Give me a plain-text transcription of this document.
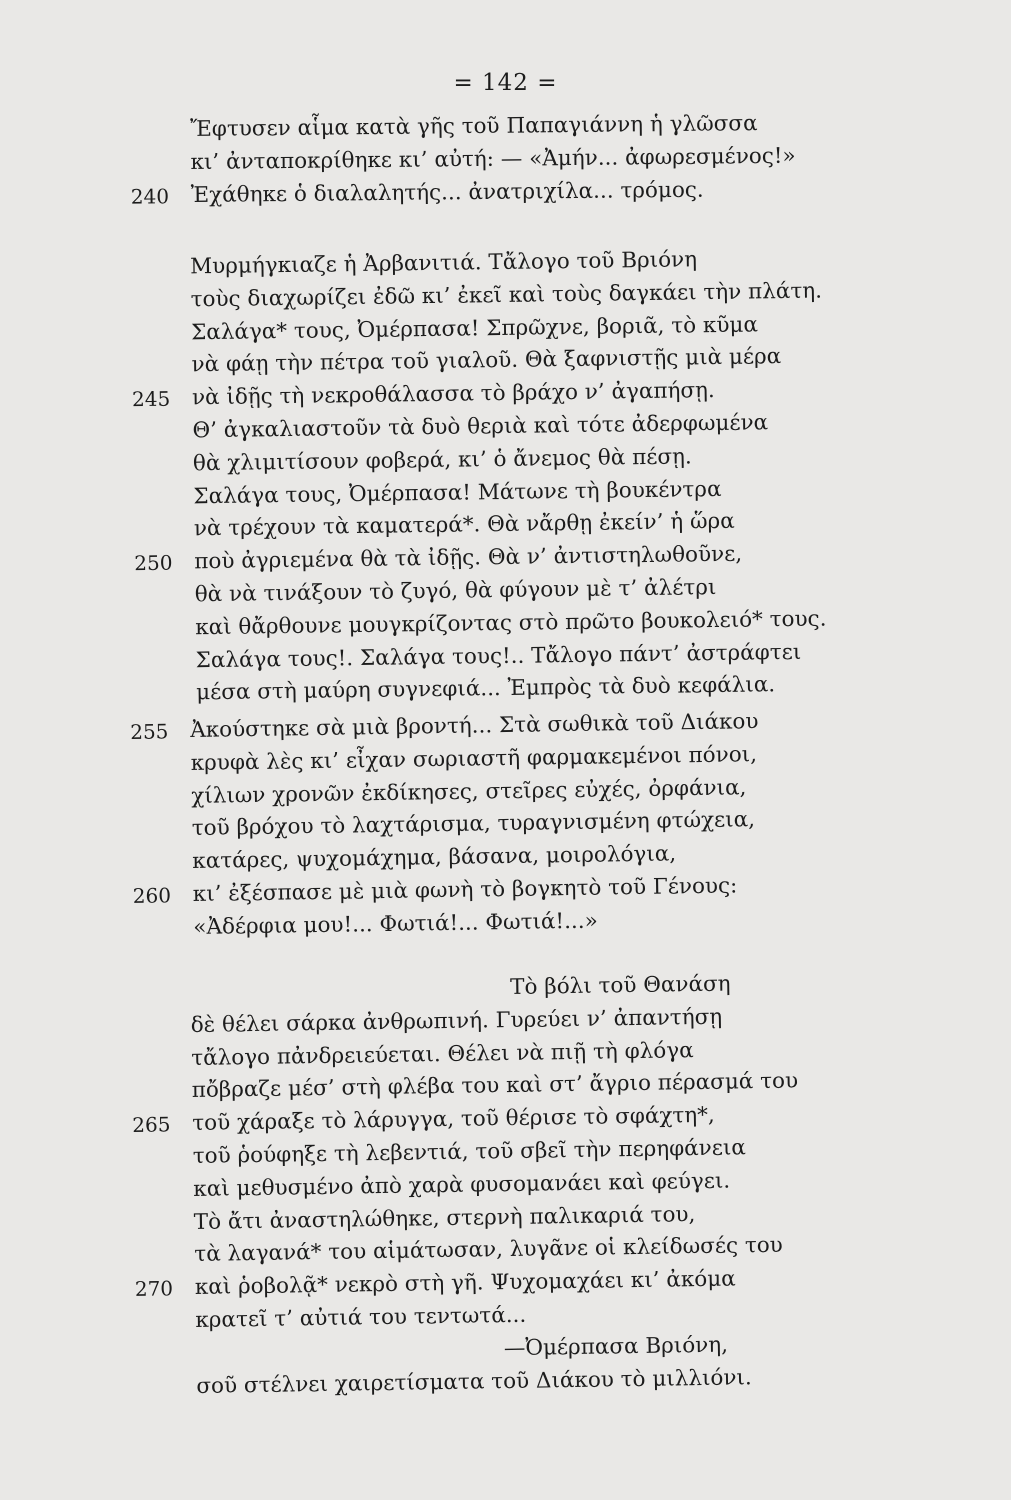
= 142 =
Ἔφτυσεν αἷμα κατὰ γῆς τοῦ Παπαγιάννη ἡ γλῶσσα
κι’ ἀνταποκρίθηκε κι’ αὐτή: — «Ἀμήν... ἀφωρεσμένος!»
240	Ἐχάθηκε ὁ διαλαλητής... ἀνατριχίλα... τρόμος.
Μυρμήγκιαζε ἡ Ἀρβανιτιά. Τἄλογο τοῦ Βριόνη
τοὺς διαχωρίζει ἐδῶ κι’ ἐκεῖ καὶ τοὺς δαγκάει τὴν πλάτη.
Σαλάγα* τους, Ὀμέρπασα! Σπρῶχνε, βοριᾶ, τὸ κῦμα
νὰ φάῃ τὴν πέτρα τοῦ γιαλοῦ. Θὰ ξαφνιστῇς μιὰ μέρα
245 νὰ ἰδῇς τὴ νεκροθάλασσα τὸ βράχο ν’ ἀγαπήσῃ.
Θ’ ἀγκαλιαστοῦν τὰ δυὸ θεριὰ καὶ τότε ἀδερφωμένα
θὰ χλιμιτίσουν φοβερά, κι’ ὁ ἄνεμος θὰ πέσῃ.
Σαλάγα τους, Ὀμέρπασα! Μάτωνε τὴ βουκέντρα
νὰ τρέχουν τὰ καματερά*. Θὰ νἄρθῃ ἐκείν’ ἡ ὥρα
250 ποὺ ἀγριεμένα θὰ τὰ ἰδῇς. Θὰ ν’ ἀντιστηλωθοῦνε,
θὰ νὰ τινάξουν τὸ ζυγό, θὰ φύγουν μὲ τ’ ἀλέτρι
καὶ θἄρθουνε μουγκρίζοντας στὸ πρῶτο βουκολειό* τους.
Σαλάγα τους!. Σαλάγα τους!.. Τἄλογο πάντ’ ἀστράφτει
μέσα στὴ μαύρη συγνεφιά... Ἐμπρὸς τὰ δυὸ κεφάλια.
255 Ἀκούστηκε σὰ μιὰ βροντή... Στὰ σωθικὰ τοῦ Διάκου
κρυφὰ λὲς κι’ εἶχαν σωριαστῆ φαρμακεμένοι πόνοι,
χίλιων χρονῶν ἐκδίκησες, στεῖρες εὐχές, ὀρφάνια,
τοῦ βρόχου τὸ λαχτάρισμα, τυραγνισμένη φτώχεια,
κατάρες, ψυχομάχημα, βάσανα, μοιρολόγια,
260 κι’ ἐξέσπασε μὲ μιὰ φωνὴ τὸ βογκητὸ τοῦ Γένους:
«Ἀδέρφια μου!... Φωτιά!... Φωτιά!...»
Τὸ βόλι τοῦ Θανάση
δὲ θέλει σάρκα ἀνθρωπινή. Γυρεύει ν’ ἀπαντήσῃ
τἄλογο πἀνδρειεύεται. Θέλει νὰ πιῇ τὴ φλόγα
πὄβραζε μέσ’ στὴ φλέβα του καὶ στ’ ἄγριο πέρασμά του
265 τοῦ χάραξε τὸ λάρυγγα, τοῦ θέρισε τὸ σφάχτη*,
τοῦ ῥούφηξε τὴ λεβεντιά, τοῦ σβεῖ τὴν περηφάνεια
καὶ μεθυσμένο ἀπὸ χαρὰ φυσομανάει καὶ φεύγει.
Τὸ ἄτι ἀναστηλώθηκε, στερνὴ παλικαριά του,
τὰ λαγανά* του αἱμάτωσαν, λυγᾶνε οἱ κλείδωσές του
270 καὶ ῥοβολᾷ* νεκρὸ στὴ γῆ. Ψυχομαχάει κι’ ἀκόμα
κρατεῖ τ’ αὐτιά του τεντωτά...
—Ὀμέρπασα Βριόνη,
σοῦ στέλνει χαιρετίσματα τοῦ Διάκου τὸ μιλλιόνι.
